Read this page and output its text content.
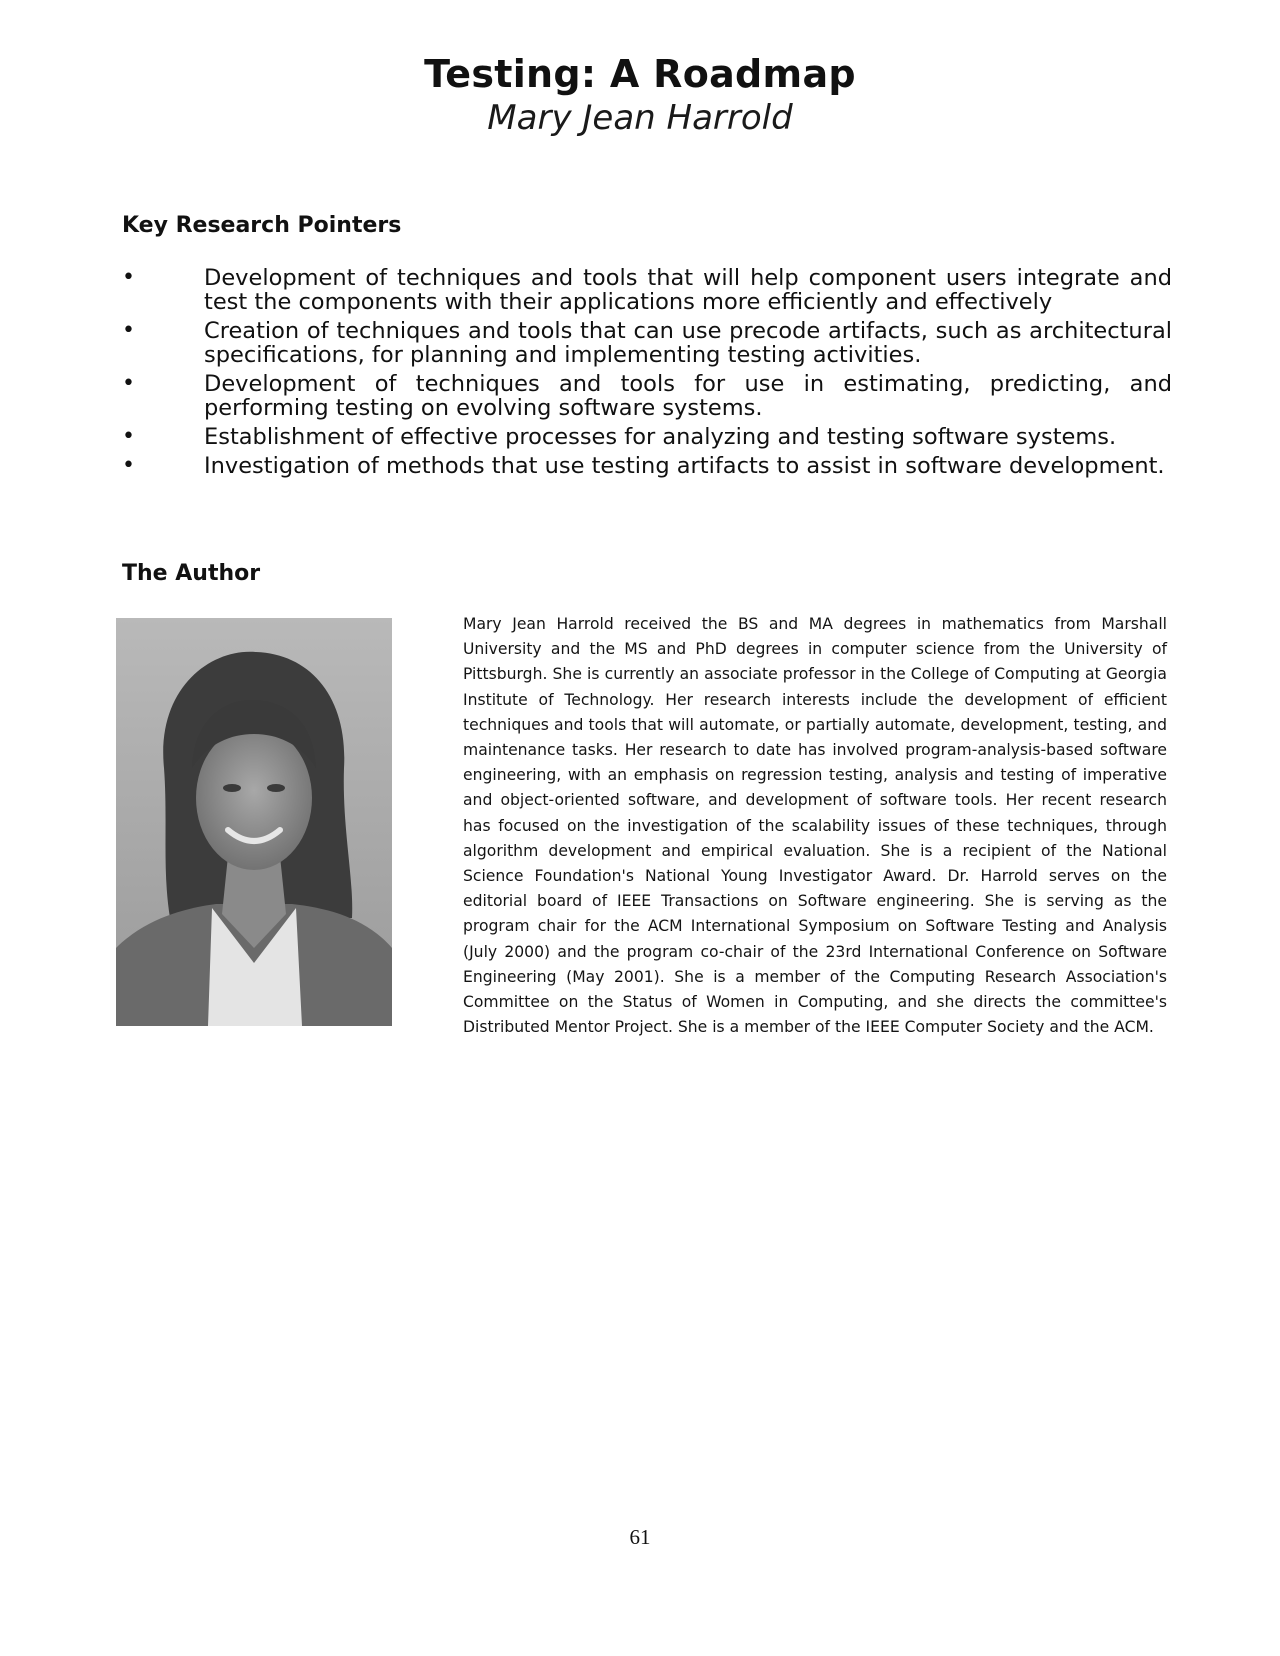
Testing: A Roadmap

Mary Jean Harrold

Key Research Pointers
•	Development of techniques and tools that will help component users integrate and test the components with their applications more efficiently and effectively
•	Creation of techniques and tools that can use precode artifacts, such as architectural specifications, for planning and implementing testing activities.
•	Development of techniques and tools for use in estimating, predicting, and performing testing on evolving software systems.
•	Establishment of effective processes for analyzing and testing software systems.
•	Investigation of methods that use testing artifacts to assist in software development.
The Author

Mary Jean Harrold received the BS and MA degrees in mathematics from Marshall University and the MS and PhD degrees in computer science from the University of Pittsburgh. She is currently an associate professor in the College of Computing at Georgia Institute of Technology. Her research interests include the development of efficient techniques and tools that will automate, or partially automate, development, testing, and maintenance tasks. Her research to date has involved program-analysis-based software engineering, with an emphasis on regression testing, analysis and testing of imperative and object-oriented software, and development of software tools. Her recent research has focused on the investigation of the scalability issues of these techniques, through algorithm development and empirical evaluation. She is a recipient of the National Science Foundation's National Young Investigator Award. Dr. Harrold serves on the editorial board of IEEE Transactions on Software engineering. She is serving as the program chair for the ACM International Symposium on Software Testing and Analysis (July 2000) and the program co-chair of the 23rd International Conference on Software Engineering (May 2001). She is a member of the Computing Research Association's Committee on the Status of Women in Computing, and she directs the committee's Distributed Mentor Project. She is a member of the IEEE Computer Society and the ACM.

61
